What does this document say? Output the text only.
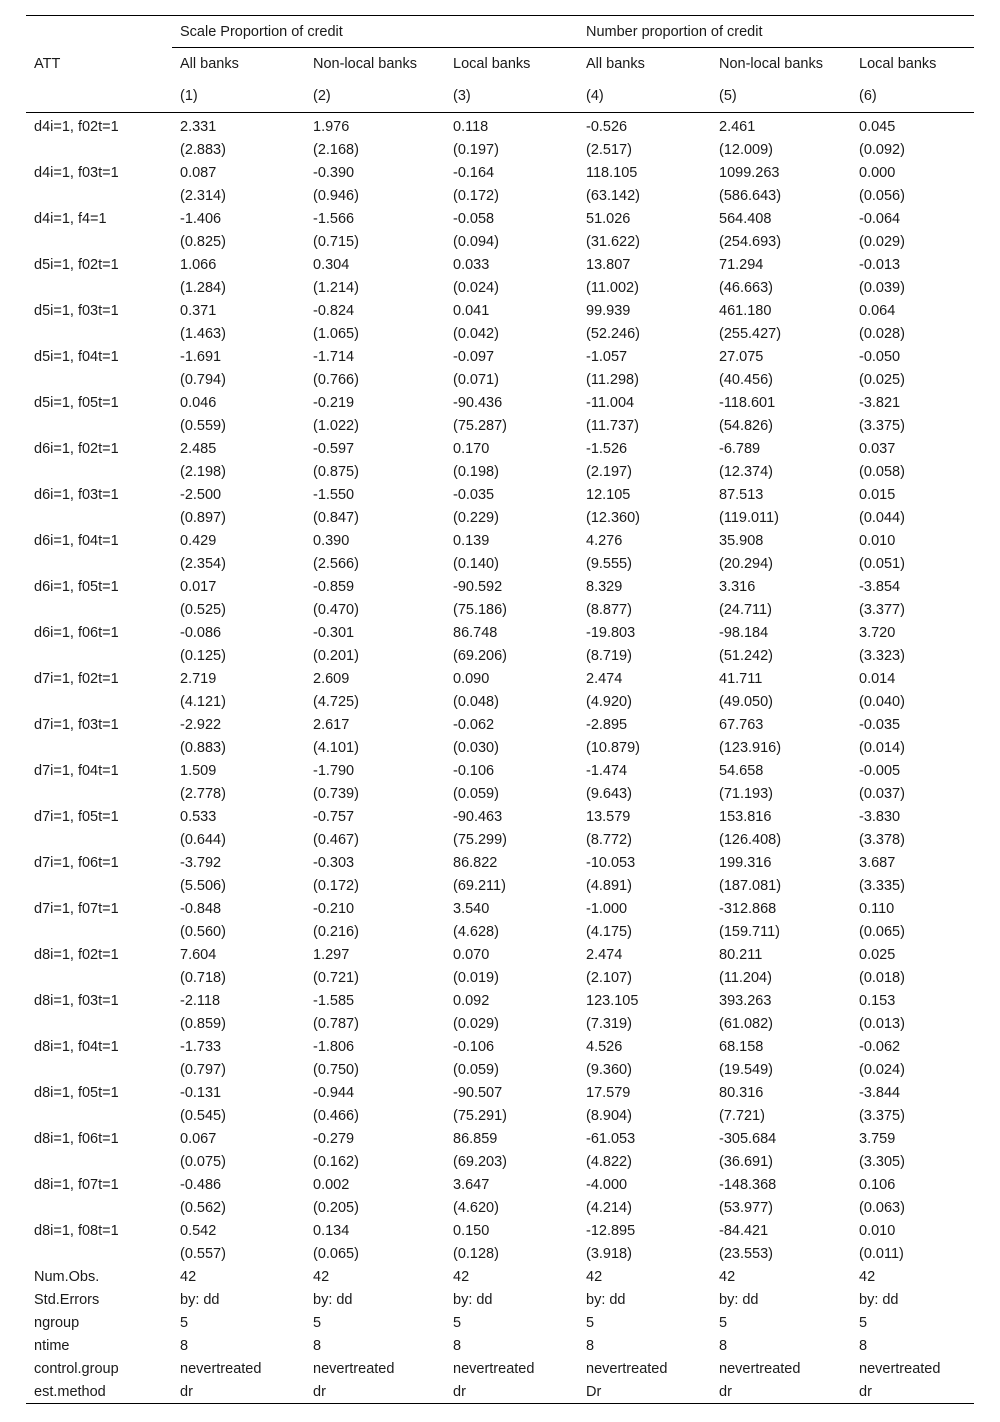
	Scale Proportion of credit			Number proportion of credit		
ATT	All banks	Non-local banks	Local banks	All banks	Non-local banks	Local banks
	(1)	(2)	(3)	(4)	(5)	(6)
d4i=1, f02t=1	2.331	1.976	0.118	-0.526	2.461	0.045
	(2.883)	(2.168)	(0.197)	(2.517)	(12.009)	(0.092)
d4i=1, f03t=1	0.087	-0.390	-0.164	118.105	1099.263	0.000
	(2.314)	(0.946)	(0.172)	(63.142)	(586.643)	(0.056)
d4i=1, f4=1	-1.406	-1.566	-0.058	51.026	564.408	-0.064
	(0.825)	(0.715)	(0.094)	(31.622)	(254.693)	(0.029)
d5i=1, f02t=1	1.066	0.304	0.033	13.807	71.294	-0.013
	(1.284)	(1.214)	(0.024)	(11.002)	(46.663)	(0.039)
d5i=1, f03t=1	0.371	-0.824	0.041	99.939	461.180	0.064
	(1.463)	(1.065)	(0.042)	(52.246)	(255.427)	(0.028)
d5i=1, f04t=1	-1.691	-1.714	-0.097	-1.057	27.075	-0.050
	(0.794)	(0.766)	(0.071)	(11.298)	(40.456)	(0.025)
d5i=1, f05t=1	0.046	-0.219	-90.436	-11.004	-118.601	-3.821
	(0.559)	(1.022)	(75.287)	(11.737)	(54.826)	(3.375)
d6i=1, f02t=1	2.485	-0.597	0.170	-1.526	-6.789	0.037
	(2.198)	(0.875)	(0.198)	(2.197)	(12.374)	(0.058)
d6i=1, f03t=1	-2.500	-1.550	-0.035	12.105	87.513	0.015
	(0.897)	(0.847)	(0.229)	(12.360)	(119.011)	(0.044)
d6i=1, f04t=1	0.429	0.390	0.139	4.276	35.908	0.010
	(2.354)	(2.566)	(0.140)	(9.555)	(20.294)	(0.051)
d6i=1, f05t=1	0.017	-0.859	-90.592	8.329	3.316	-3.854
	(0.525)	(0.470)	(75.186)	(8.877)	(24.711)	(3.377)
d6i=1, f06t=1	-0.086	-0.301	86.748	-19.803	-98.184	3.720
	(0.125)	(0.201)	(69.206)	(8.719)	(51.242)	(3.323)
d7i=1, f02t=1	2.719	2.609	0.090	2.474	41.711	0.014
	(4.121)	(4.725)	(0.048)	(4.920)	(49.050)	(0.040)
d7i=1, f03t=1	-2.922	2.617	-0.062	-2.895	67.763	-0.035
	(0.883)	(4.101)	(0.030)	(10.879)	(123.916)	(0.014)
d7i=1, f04t=1	1.509	-1.790	-0.106	-1.474	54.658	-0.005
	(2.778)	(0.739)	(0.059)	(9.643)	(71.193)	(0.037)
d7i=1, f05t=1	0.533	-0.757	-90.463	13.579	153.816	-3.830
	(0.644)	(0.467)	(75.299)	(8.772)	(126.408)	(3.378)
d7i=1, f06t=1	-3.792	-0.303	86.822	-10.053	199.316	3.687
	(5.506)	(0.172)	(69.211)	(4.891)	(187.081)	(3.335)
d7i=1, f07t=1	-0.848	-0.210	3.540	-1.000	-312.868	0.110
	(0.560)	(0.216)	(4.628)	(4.175)	(159.711)	(0.065)
d8i=1, f02t=1	7.604	1.297	0.070	2.474	80.211	0.025
	(0.718)	(0.721)	(0.019)	(2.107)	(11.204)	(0.018)
d8i=1, f03t=1	-2.118	-1.585	0.092	123.105	393.263	0.153
	(0.859)	(0.787)	(0.029)	(7.319)	(61.082)	(0.013)
d8i=1, f04t=1	-1.733	-1.806	-0.106	4.526	68.158	-0.062
	(0.797)	(0.750)	(0.059)	(9.360)	(19.549)	(0.024)
d8i=1, f05t=1	-0.131	-0.944	-90.507	17.579	80.316	-3.844
	(0.545)	(0.466)	(75.291)	(8.904)	(7.721)	(3.375)
d8i=1, f06t=1	0.067	-0.279	86.859	-61.053	-305.684	3.759
	(0.075)	(0.162)	(69.203)	(4.822)	(36.691)	(3.305)
d8i=1, f07t=1	-0.486	0.002	3.647	-4.000	-148.368	0.106
	(0.562)	(0.205)	(4.620)	(4.214)	(53.977)	(0.063)
d8i=1, f08t=1	0.542	0.134	0.150	-12.895	-84.421	0.010
	(0.557)	(0.065)	(0.128)	(3.918)	(23.553)	(0.011)
Num.Obs.	42	42	42	42	42	42
Std.Errors	by: dd	by: dd	by: dd	by: dd	by: dd	by: dd
ngroup	5	5	5	5	5	5
ntime	8	8	8	8	8	8
control.group	nevertreated	nevertreated	nevertreated	nevertreated	nevertreated	nevertreated
est.method	dr	dr	dr	Dr	dr	dr
